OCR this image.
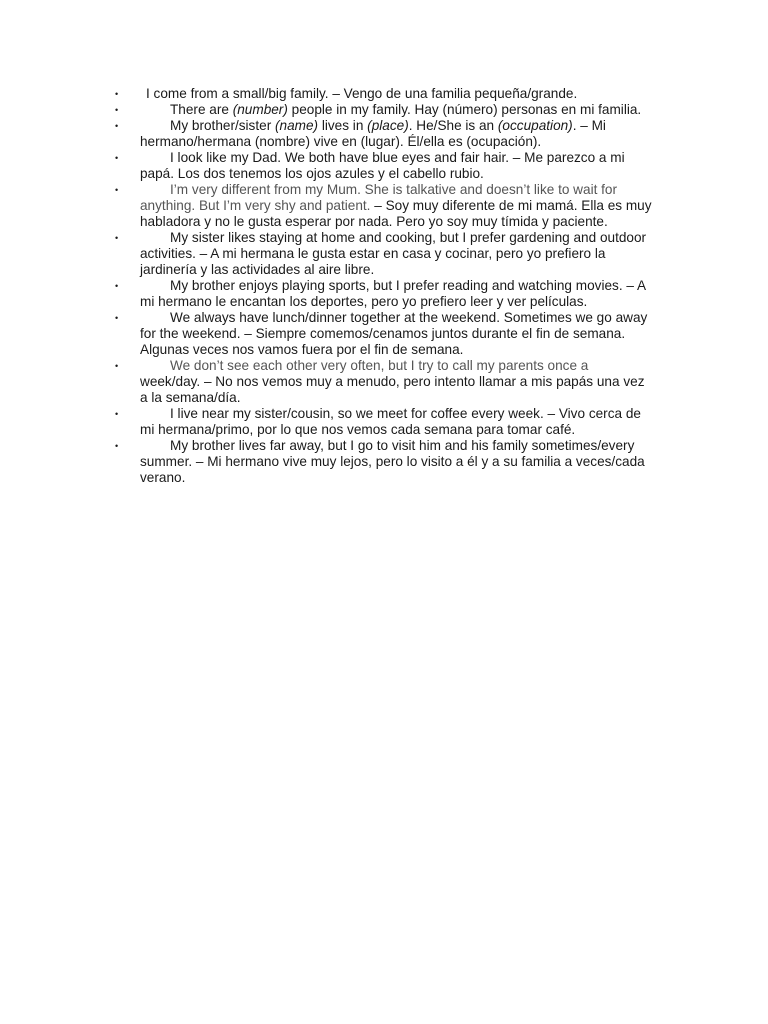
• I come from a small/big family. – Vengo de una familia pequeña/grande.
•	There are (number) people in my family. Hay (número) personas en mi familia.
•	My brother/sister (name) lives in (place). He/She is an (occupation). – Mi hermano/hermana (nombre) vive en (lugar). Él/ella es (ocupación).
•	I look like my Dad. We both have blue eyes and fair hair. – Me parezco a mi papá. Los dos tenemos los ojos azules y el cabello rubio.
•	I’m very different from my Mum. She is talkative and doesn’t like to wait for anything. But I’m very shy and patient. – Soy muy diferente de mi mamá. Ella es muy habladora y no le gusta esperar por nada. Pero yo soy muy tímida y paciente.
•	My sister likes staying at home and cooking, but I prefer gardening and outdoor activities. – A mi hermana le gusta estar en casa y cocinar, pero yo prefiero la jardinería y las actividades al aire libre.
•	My brother enjoys playing sports, but I prefer reading and watching movies. – A mi hermano le encantan los deportes, pero yo prefiero leer y ver películas.
•	We always have lunch/dinner together at the weekend. Sometimes we go away for the weekend. – Siempre comemos/cenamos juntos durante el fin de semana. Algunas veces nos vamos fuera por el fin de semana.
•	We don’t see each other very often, but I try to call my parents once a week/day. – No nos vemos muy a menudo, pero intento llamar a mis papás una vez a la semana/día.
•	I live near my sister/cousin, so we meet for coffee every week. – Vivo cerca de mi hermana/primo, por lo que nos vemos cada semana para tomar café.
•	My brother lives far away, but I go to visit him and his family sometimes/every summer. – Mi hermano vive muy lejos, pero lo visito a él y a su familia a veces/cada verano.
